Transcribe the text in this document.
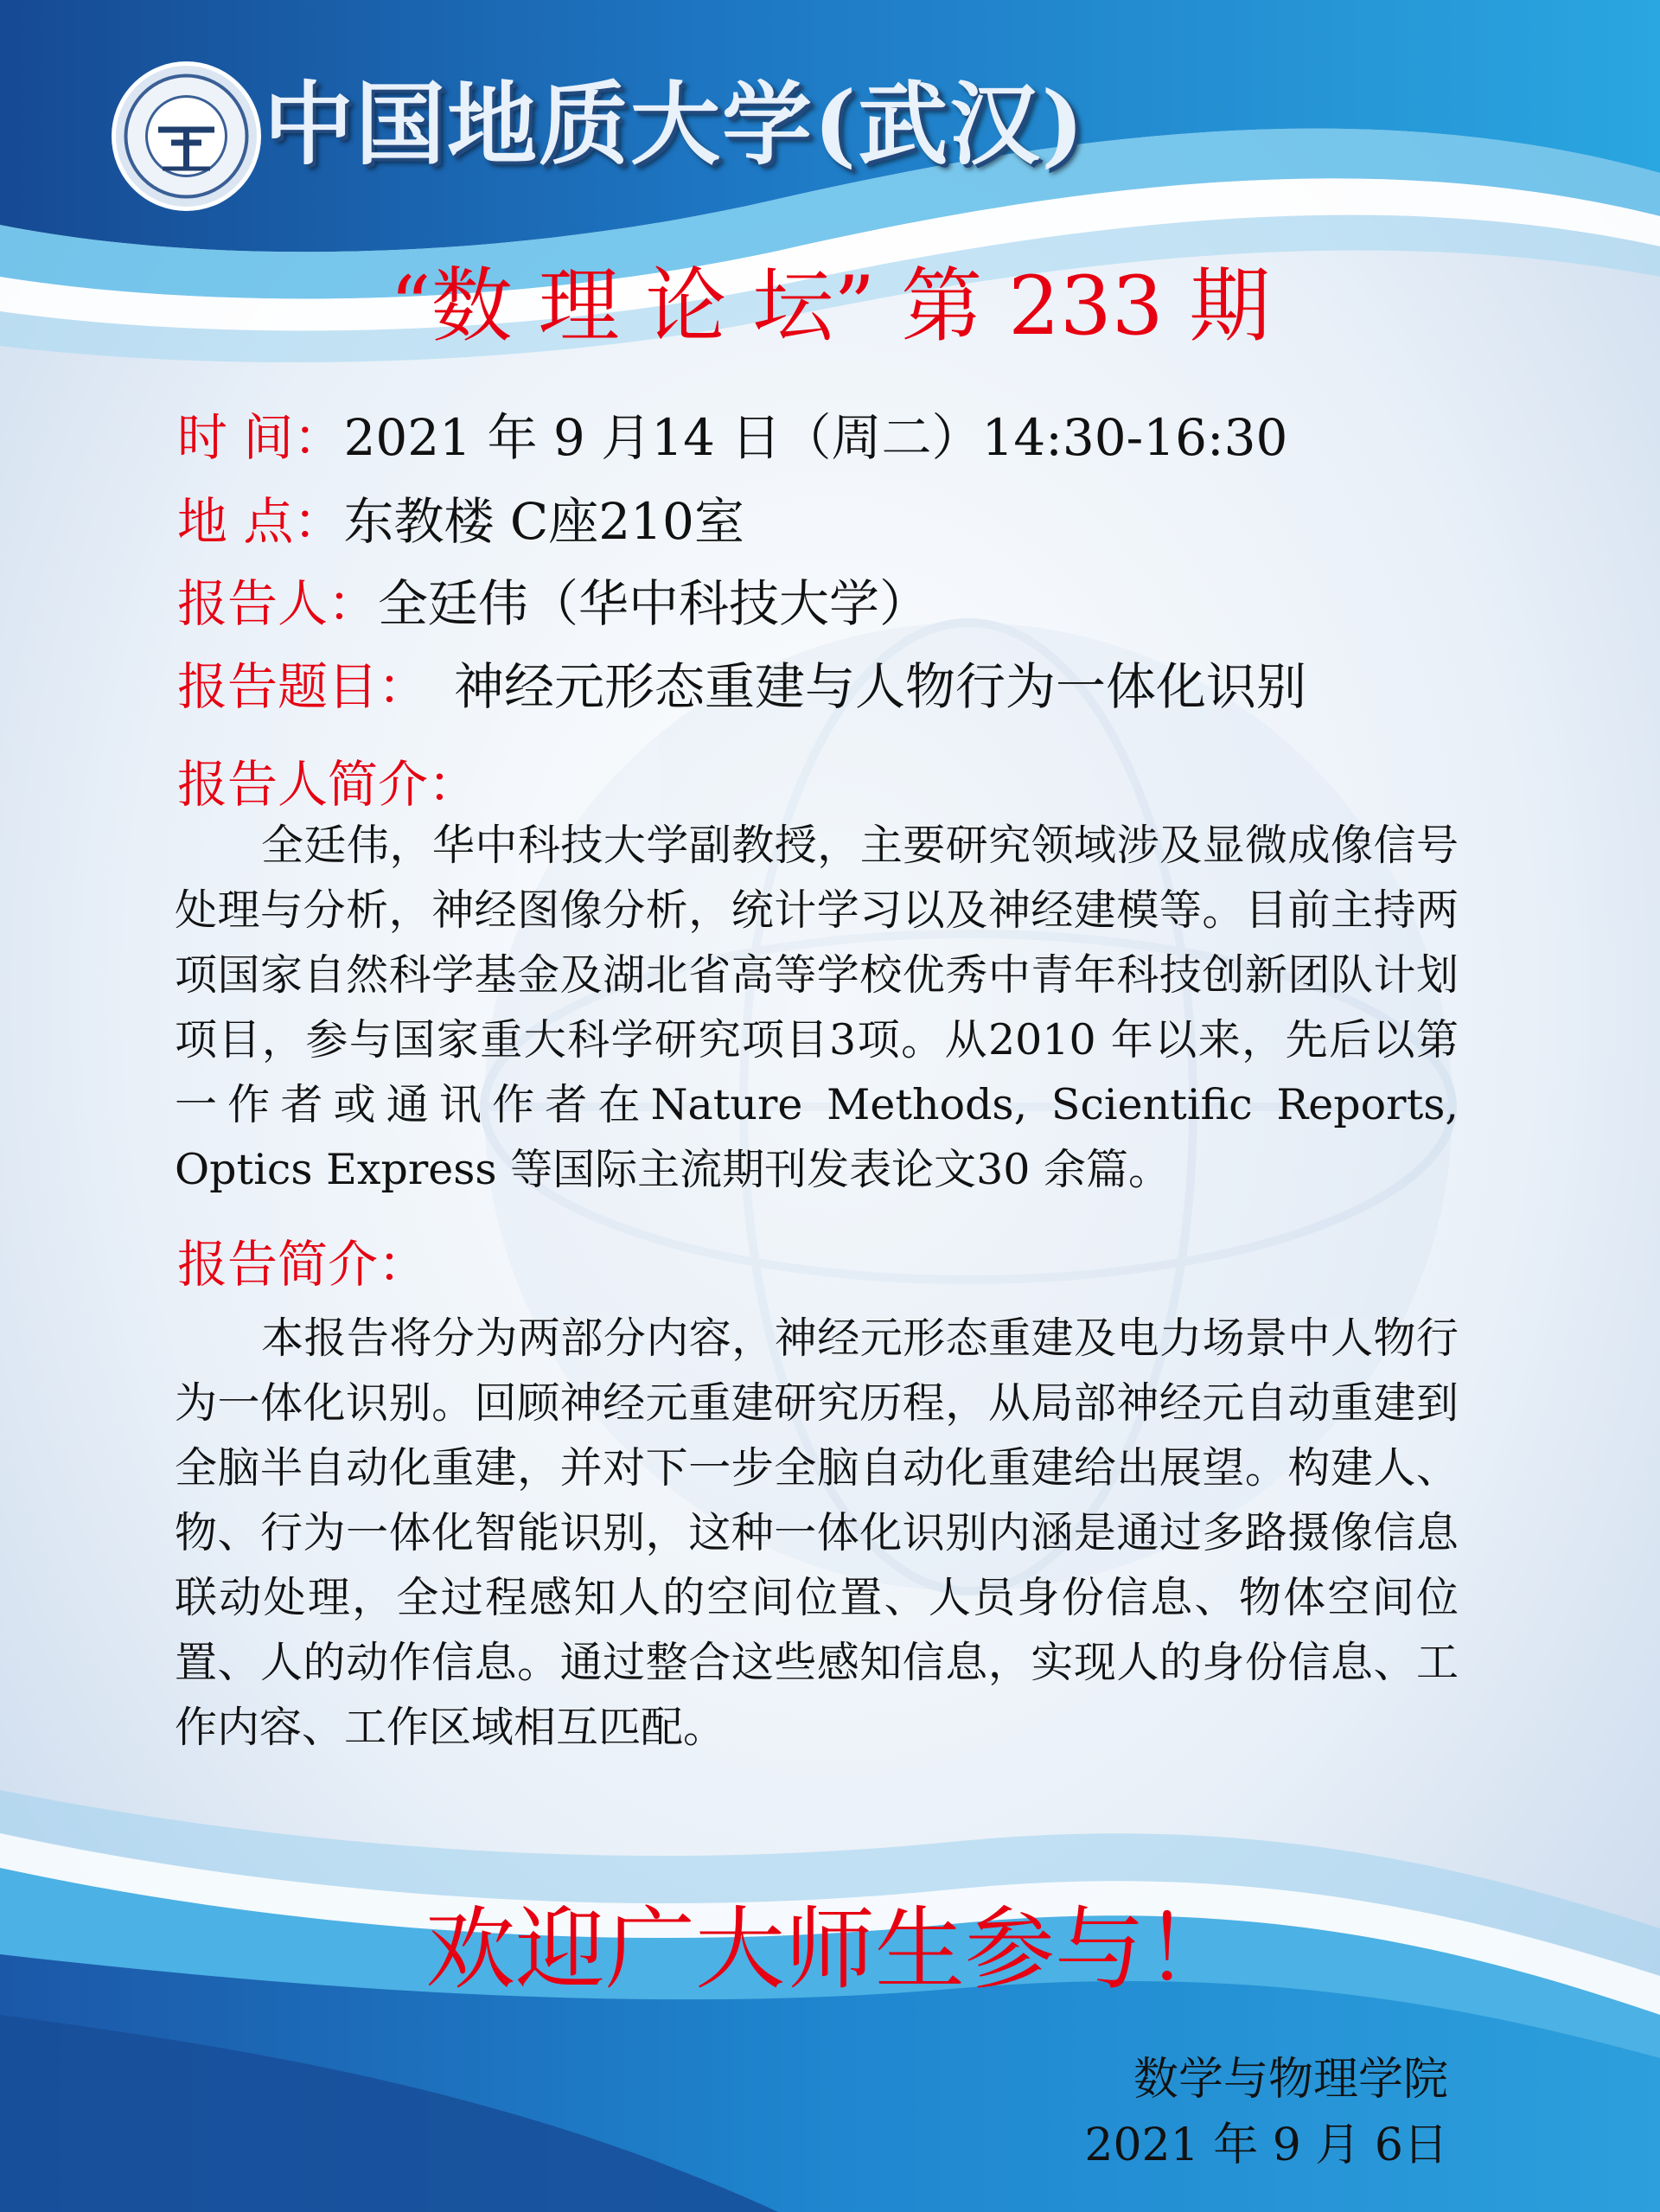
中国地质大学(武汉)
“数 理 论 坛” 第 233 期
时 间：2021 年 9 月14 日（周二）14:30-16:30
地 点：东教楼 C座210室
报告人：全廷伟（华中科技大学）
报告题目： 神经元形态重建与人物行为一体化识别
报告人简介：
全廷伟，华中科技大学副教授，主要研究领域涉及显微成像信号处理与分析，神经图像分析，统计学习以及神经建模等。目前主持两项国家自然科学基金及湖北省高等学校优秀中青年科技创新团队计划项目，参与国家重大科学研究项目3项。从2010 年以来，先后以第一作者或通讯作者在Nature Methods, Scientific Reports, Optics Express 等国际主流期刊发表论文30 余篇。
报告简介：
本报告将分为两部分内容，神经元形态重建及电力场景中人物行为一体化识别。回顾神经元重建研究历程，从局部神经元自动重建到全脑半自动化重建，并对下一步全脑自动化重建给出展望。构建人、物、行为一体化智能识别，这种一体化识别内涵是通过多路摄像信息联动处理，全过程感知人的空间位置、人员身份信息、物体空间位置、人的动作信息。通过整合这些感知信息，实现人的身份信息、工作内容、工作区域相互匹配。
欢迎广大师生参与！
数学与物理学院
2021 年 9 月 6日
